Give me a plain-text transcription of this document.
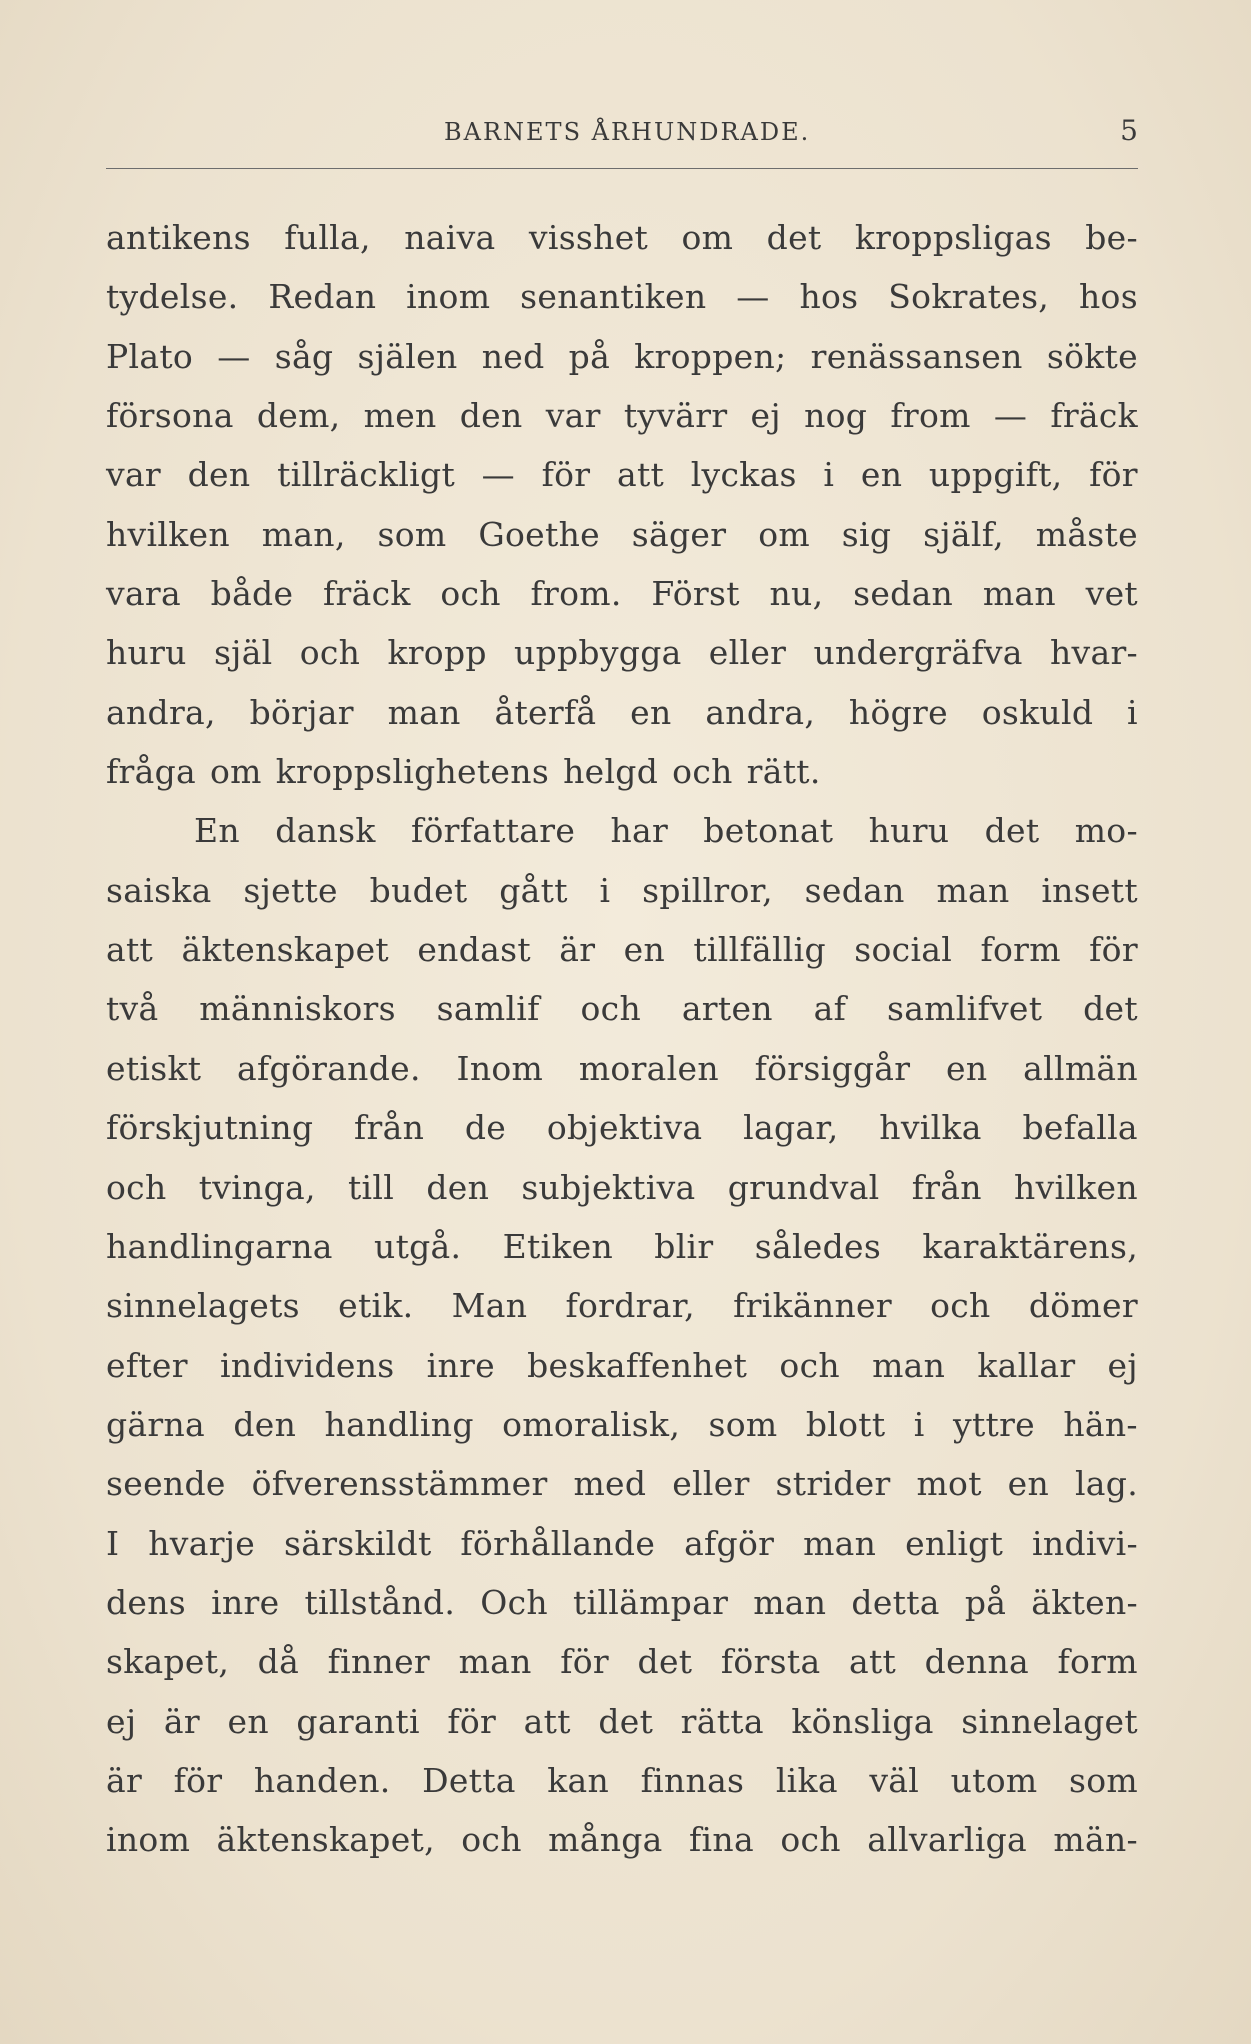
BARNETS ÅRHUNDRADE.	5
antikens fulla, naiva visshet om det kroppsligas be-
tydelse. Redan inom senantiken — hos Sokrates, hos
Plato — såg själen ned på kroppen; renässansen sökte
försona dem, men den var tyvärr ej nog from — fräck
var den tillräckligt — för att lyckas i en uppgift, för
hvilken man, som Goethe säger om sig själf, måste
vara både fräck och from. Först nu, sedan man vet
huru själ och kropp uppbygga eller undergräfva hvar-
andra, börjar man återfå en andra, högre oskuld i
fråga om kroppslighetens helgd och rätt.
En dansk författare har betonat huru det mo-
saiska sjette budet gått i spillror, sedan man insett
att äktenskapet endast är en tillfällig social form för
två människors samlif och arten af samlifvet det
etiskt afgörande. Inom moralen försiggår en allmän
förskjutning från de objektiva lagar, hvilka befalla
och tvinga, till den subjektiva grundval från hvilken
handlingarna utgå. Etiken blir således karaktärens,
sinnelagets etik. Man fordrar, frikänner och dömer
efter individens inre beskaffenhet och man kallar ej
gärna den handling omoralisk, som blott i yttre hän-
seende öfverensstämmer med eller strider mot en lag.
I hvarje särskildt förhållande afgör man enligt indivi-
dens inre tillstånd. Och tillämpar man detta på äkten-
skapet, då finner man för det första att denna form
ej är en garanti för att det rätta könsliga sinnelaget
är för handen. Detta kan finnas lika väl utom som
inom äktenskapet, och många fina och allvarliga män-
